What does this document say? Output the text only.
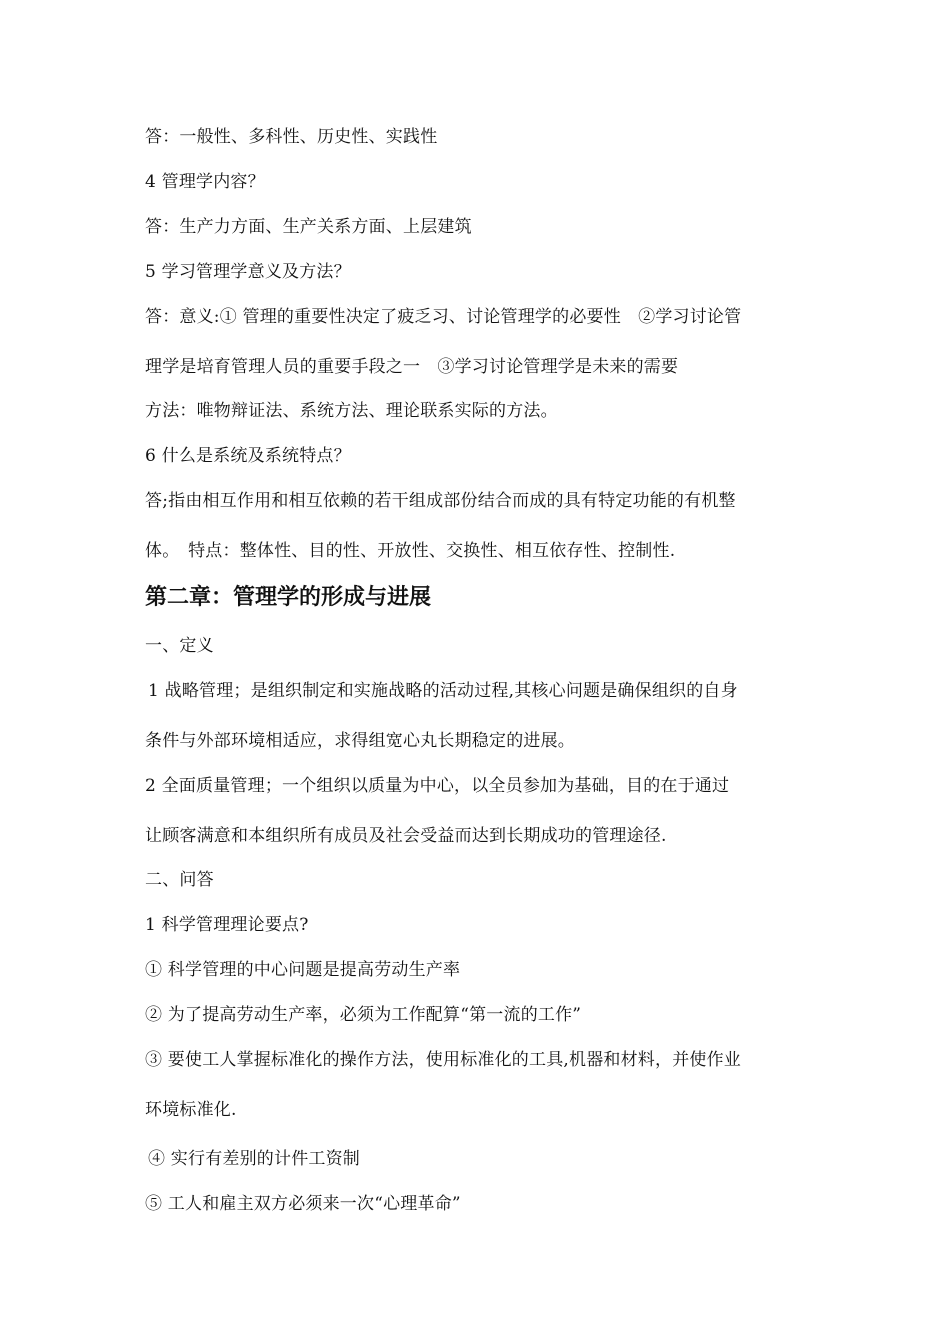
答：一般性、多科性、历史性、实践性
4 管理学内容？
答：生产力方面、生产关系方面、上层建筑
5 学习管理学意义及方法？
答：意义:① 管理的重要性决定了疲乏习、讨论管理学的必要性　②学习讨论管
理学是培育管理人员的重要手段之一　③学习讨论管理学是未来的需要
方法：唯物辩证法、系统方法、理论联系实际的方法。
6 什么是系统及系统特点？
答;指由相互作用和相互依赖的若干组成部份结合而成的具有特定功能的有机整
体。　特点：整体性、目的性、开放性、交换性、相互依存性、控制性.
第二章：管理学的形成与进展
一、定义
1 战略管理；是组织制定和实施战略的活动过程,其核心问题是确保组织的自身
条件与外部环境相适应，求得组宽心丸长期稳定的进展。
2 全面质量管理；一个组织以质量为中心，以全员参加为基础，目的在于通过
让顾客满意和本组织所有成员及社会受益而达到长期成功的管理途径.
二、问答
1 科学管理理论要点?
① 科学管理的中心问题是提高劳动生产率
② 为了提高劳动生产率，必须为工作配算“第一流的工作”
③ 要使工人掌握标准化的操作方法，使用标准化的工具,机器和材料，并使作业
环境标准化.
④ 实行有差别的计件工资制
⑤ 工人和雇主双方必须来一次“心理革命”
